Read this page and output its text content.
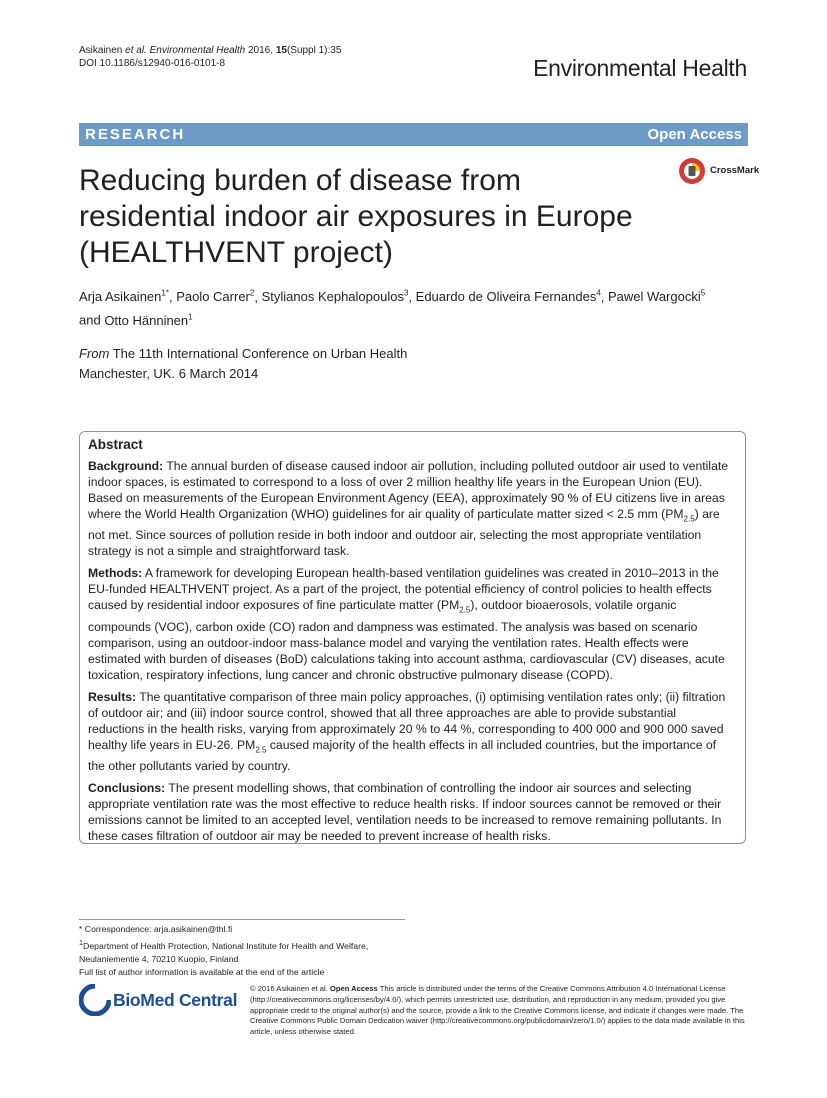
Asikainen et al. Environmental Health 2016, 15(Suppl 1):35
DOI 10.1186/s12940-016-0101-8	Environmental Health
RESEARCH	Open Access
Reducing burden of disease from residential indoor air exposures in Europe (HEALTHVENT project)
CrossMark
Arja Asikainen$^{1*}$, Paolo Carrer$^2$, Stylianos Kephalopoulos$^3$, Eduardo de Oliveira Fernandes$^4$, Pawel Wargocki$^5$
and Otto Hänninen$^1$
From The 11th International Conference on Urban Health
Manchester, UK. 6 March 2014
Abstract

Background: The annual burden of disease caused indoor air pollution, including polluted outdoor air used to ventilate indoor spaces, is estimated to correspond to a loss of over 2 million healthy life years in the European Union (EU). Based on measurements of the European Environment Agency (EEA), approximately 90 % of EU citizens live in areas where the World Health Organization (WHO) guidelines for air quality of particulate matter sized < 2.5 mm $(PM_{2.5})$ are not met. Since sources of pollution reside in both indoor and outdoor air, selecting the most appropriate ventilation strategy is not a simple and straightforward task.

Methods: A framework for developing European health-based ventilation guidelines was created in 2010–2013 in the EU-funded HEALTHVENT project. As a part of the project, the potential efficiency of control policies to health effects caused by residential indoor exposures of fine particulate matter $(PM_{2.5})$, outdoor bioaerosols, volatile organic compounds (VOC), carbon oxide (CO) radon and dampness was estimated. The analysis was based on scenario comparison, using an outdoor-indoor mass-balance model and varying the ventilation rates. Health effects were estimated with burden of diseases (BoD) calculations taking into account asthma, cardiovascular (CV) diseases, acute toxication, respiratory infections, lung cancer and chronic obstructive pulmonary disease (COPD).

Results: The quantitative comparison of three main policy approaches, (i) optimising ventilation rates only; (ii) filtration of outdoor air; and (iii) indoor source control, showed that all three approaches are able to provide substantial reductions in the health risks, varying from approximately 20 % to 44 %, corresponding to 400 000 and 900 000 saved healthy life years in EU-26. $PM_{2.5}$ caused majority of the health effects in all included countries, but the importance of the other pollutants varied by country.

Conclusions: The present modelling shows, that combination of controlling the indoor air sources and selecting appropriate ventilation rate was the most effective to reduce health risks. If indoor sources cannot be removed or their emissions cannot be limited to an accepted level, ventilation needs to be increased to remove remaining pollutants. In these cases filtration of outdoor air may be needed to prevent increase of health risks.

* Correspondence: arja.asikainen@thl.fi
$^1$Department of Health Protection, National Institute for Health and Welfare,
Neulaniementie 4, 70210 Kuopio, Finland
Full list of author information is available at the end of the article
BioMed Central
© 2016 Asikainen et al. Open Access This article is distributed under the terms of the Creative Commons Attribution 4.0 International License (http://creativecommons.org/licenses/by/4.0/), which permits unrestricted use, distribution, and reproduction in any medium, provided you give appropriate credit to the original author(s) and the source, provide a link to the Creative Commons license, and indicate if changes were made. The Creative Commons Public Domain Dedication waiver (http://creativecommons.org/publicdomain/zero/1.0/) applies to the data made available in this article, unless otherwise stated.
